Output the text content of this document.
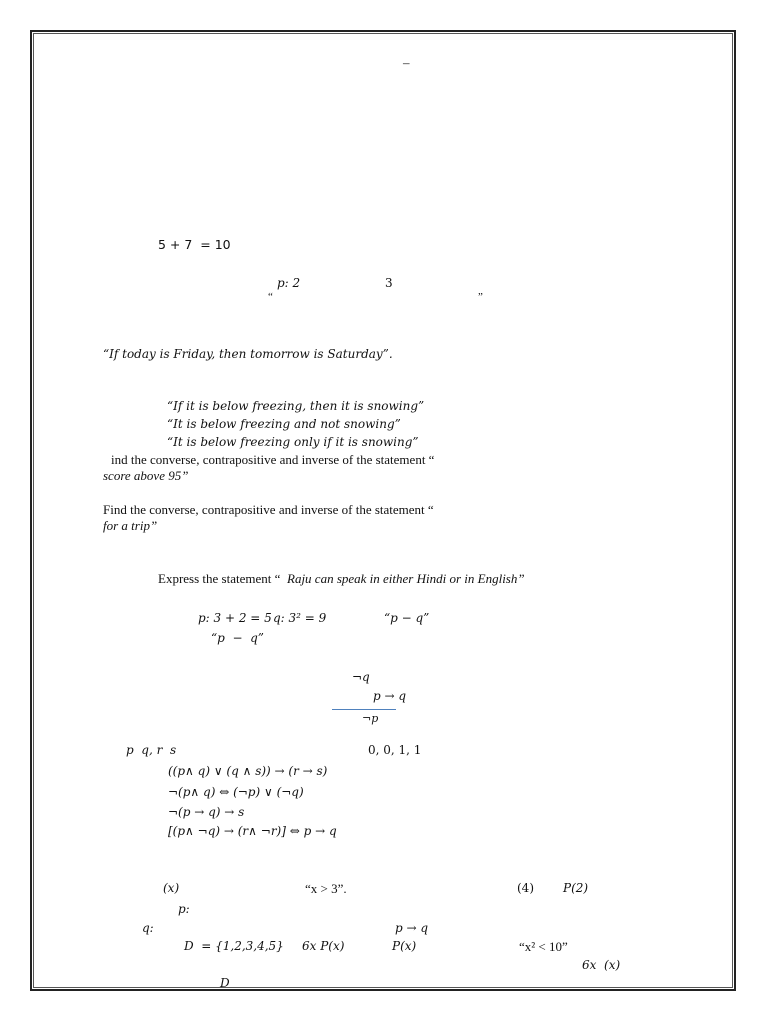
–
5 + 7  = 10
p: 2	3
“	”
“If today is Friday, then tomorrow is Saturday”.
“If it is below freezing, then it is snowing”
“It is below freezing and not snowing”
“It is below freezing only if it is snowing”
ind the converse, contrapositive and inverse of the statement “
score above 95”
Find the converse, contrapositive and inverse of the statement “
for a trip”
Express the statement “ Raju can speak in either Hindi or in English”
p: 3 + 2 = 5 q: 3² = 9	“p − q”
“p  −  q”
¬q
p → q
¬p
p  q, r  s	0, 0, 1, 1
((p∧ q) ∨ (q ∧ s)) → (r → s)
¬(p∧ q) ⇔ (¬p) ∨ (¬q)
¬(p → q) → s
[(p∧ ¬q) → (r∧ ¬r)] ⇔ p → q
(x)	“x > 3”.	(4) P(2)
p:
q:	p → q
D  = {1,2,3,4,5} 6x P(x)	P(x)	“x² < 10”
6x  (x)
D
